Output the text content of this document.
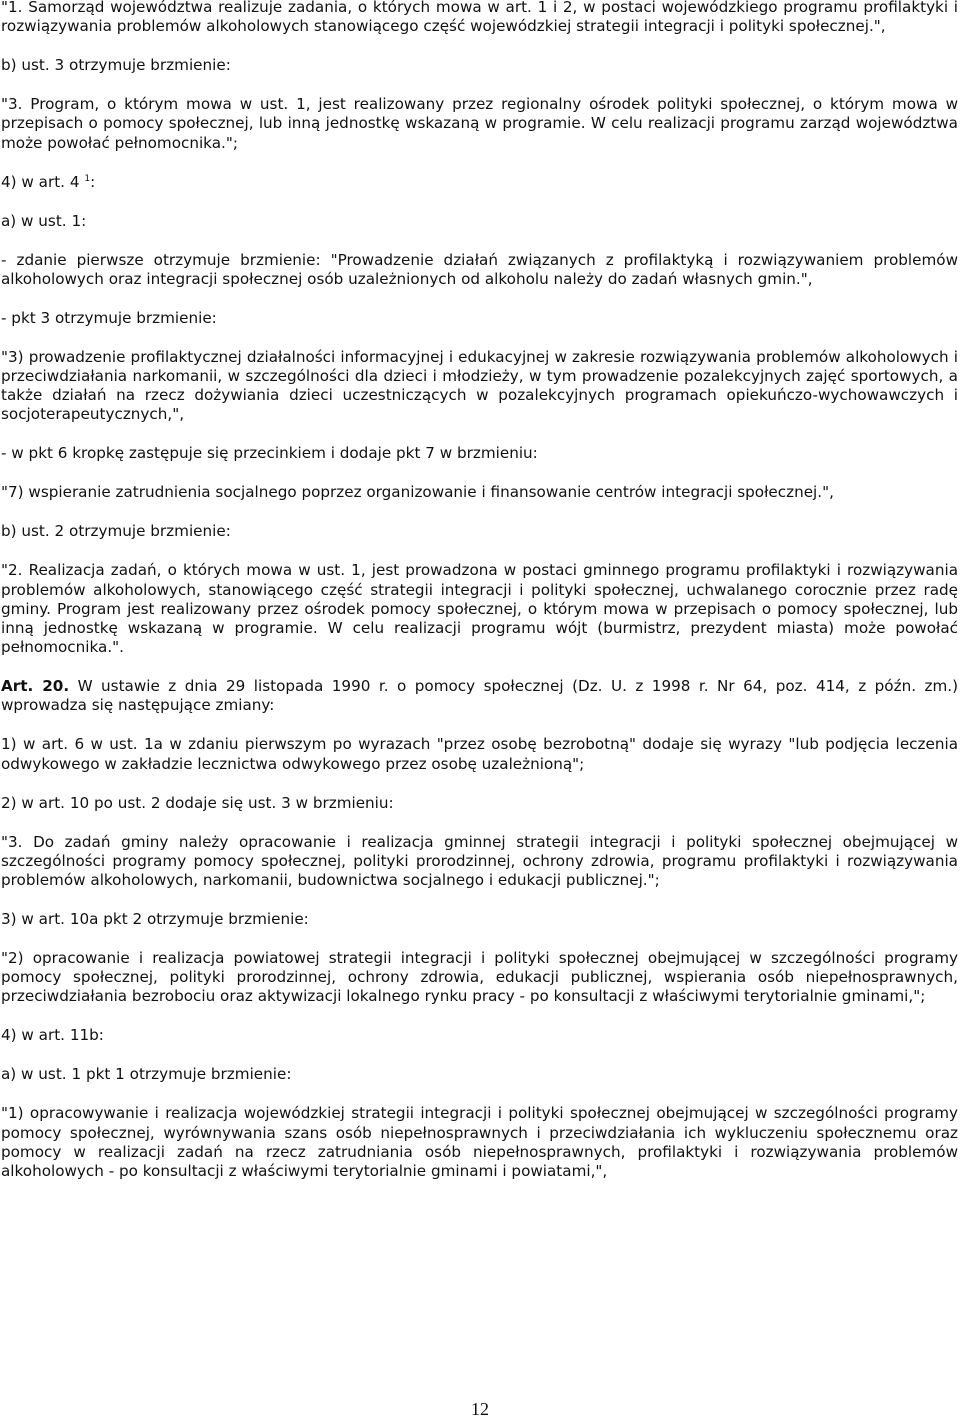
"1. Samorząd województwa realizuje zadania, o których mowa w art. 1 i 2, w postaci wojewódzkiego programu profilaktyki i rozwiązywania problemów alkoholowych stanowiącego część wojewódzkiej strategii integracji i polityki społecznej.",

b) ust. 3 otrzymuje brzmienie:

"3. Program, o którym mowa w ust. 1, jest realizowany przez regionalny ośrodek polityki społecznej, o którym mowa w przepisach o pomocy społecznej, lub inną jednostkę wskazaną w programie. W celu realizacji programu zarząd województwa może powołać pełnomocnika.";

4) w art. 4 $^1$:

a) w ust. 1:

- zdanie pierwsze otrzymuje brzmienie: "Prowadzenie działań związanych z profilaktyką i rozwiązywaniem problemów alkoholowych oraz integracji społecznej osób uzależnionych od alkoholu należy do zadań własnych gmin.",

- pkt 3 otrzymuje brzmienie:

"3) prowadzenie profilaktycznej działalności informacyjnej i edukacyjnej w zakresie rozwiązywania problemów alkoholowych i przeciwdziałania narkomanii, w szczególności dla dzieci i młodzieży, w tym prowadzenie pozalekcyjnych zajęć sportowych, a także działań na rzecz dożywiania dzieci uczestniczących w pozalekcyjnych programach opiekuńczo-wychowawczych i socjoterapeutycznych,",

- w pkt 6 kropkę zastępuje się przecinkiem i dodaje pkt 7 w brzmieniu:

"7) wspieranie zatrudnienia socjalnego poprzez organizowanie i finansowanie centrów integracji społecznej.",

b) ust. 2 otrzymuje brzmienie:

"2. Realizacja zadań, o których mowa w ust. 1, jest prowadzona w postaci gminnego programu profilaktyki i rozwiązywania problemów alkoholowych, stanowiącego część strategii integracji i polityki społecznej, uchwalanego corocznie przez radę gminy. Program jest realizowany przez ośrodek pomocy społecznej, o którym mowa w przepisach o pomocy społecznej, lub inną jednostkę wskazaną w programie. W celu realizacji programu wójt (burmistrz, prezydent miasta) może powołać pełnomocnika.".

Art. 20. W ustawie z dnia 29 listopada 1990 r. o pomocy społecznej (Dz. U. z 1998 r. Nr 64, poz. 414, z późn. zm.) wprowadza się następujące zmiany:

1) w art. 6 w ust. 1a w zdaniu pierwszym po wyrazach "przez osobę bezrobotną" dodaje się wyrazy "lub podjęcia leczenia odwykowego w zakładzie lecznictwa odwykowego przez osobę uzależnioną";

2) w art. 10 po ust. 2 dodaje się ust. 3 w brzmieniu:

"3. Do zadań gminy należy opracowanie i realizacja gminnej strategii integracji i polityki społecznej obejmującej w szczególności programy pomocy społecznej, polityki prorodzinnej, ochrony zdrowia, programu profilaktyki i rozwiązywania problemów alkoholowych, narkomanii, budownictwa socjalnego i edukacji publicznej.";

3) w art. 10a pkt 2 otrzymuje brzmienie:

"2) opracowanie i realizacja powiatowej strategii integracji i polityki społecznej obejmującej w szczególności programy pomocy społecznej, polityki prorodzinnej, ochrony zdrowia, edukacji publicznej, wspierania osób niepełnosprawnych, przeciwdziałania bezrobociu oraz aktywizacji lokalnego rynku pracy - po konsultacji z właściwymi terytorialnie gminami,";

4) w art. 11b:

a) w ust. 1 pkt 1 otrzymuje brzmienie:

"1) opracowywanie i realizacja wojewódzkiej strategii integracji i polityki społecznej obejmującej w szczególności programy pomocy społecznej, wyrównywania szans osób niepełnosprawnych i przeciwdziałania ich wykluczeniu społecznemu oraz pomocy w realizacji zadań na rzecz zatrudniania osób niepełnosprawnych, profilaktyki i rozwiązywania problemów alkoholowych - po konsultacji z właściwymi terytorialnie gminami i powiatami,",

12
